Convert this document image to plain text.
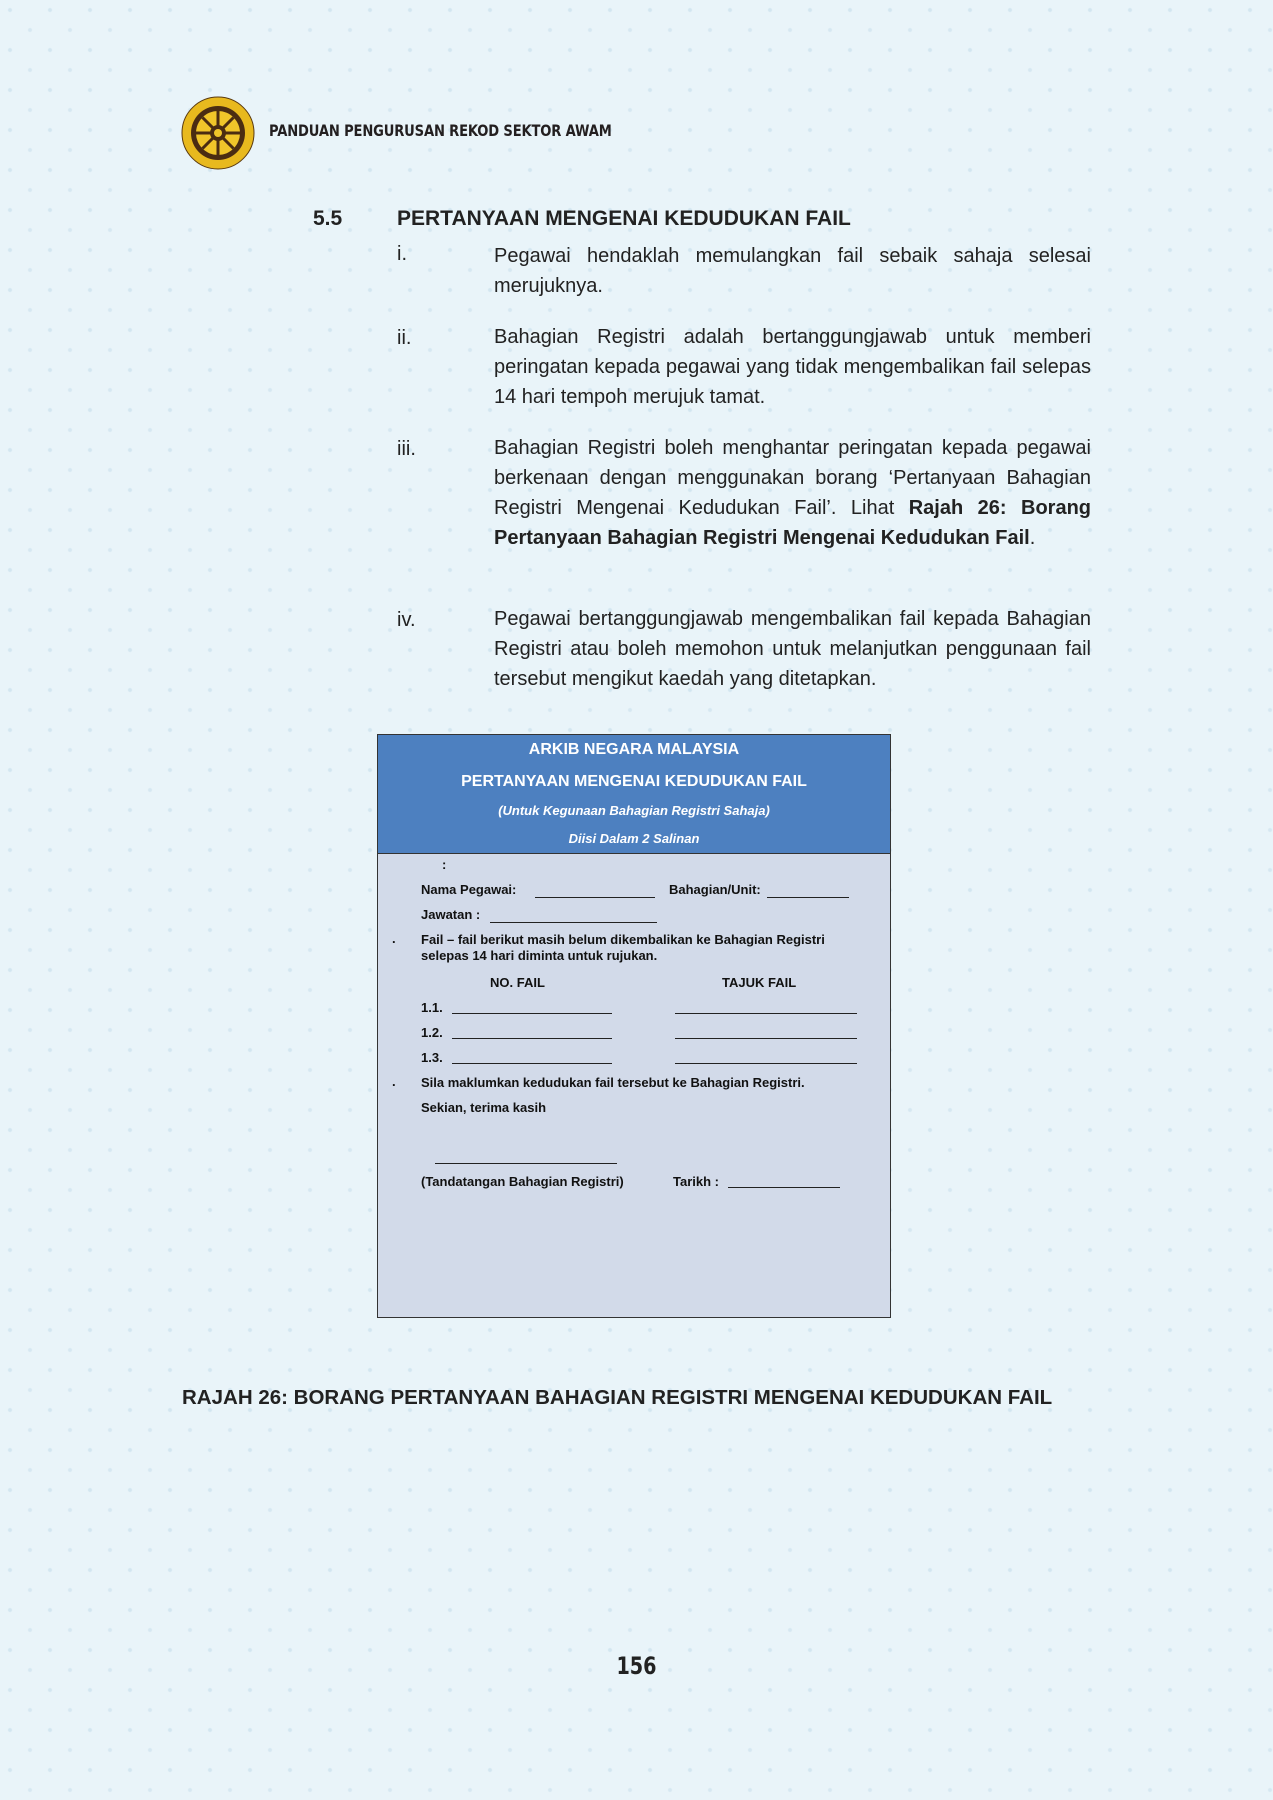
PANDUAN PENGURUSAN REKOD SEKTOR AWAM
5.5	PERTANYAAN MENGENAI KEDUDUKAN FAIL
i.	Pegawai hendaklah memulangkan fail sebaik sahaja selesai merujuknya.
ii.	Bahagian Registri adalah bertanggungjawab untuk memberi peringatan kepada pegawai yang tidak mengembalikan fail selepas 14 hari tempoh merujuk tamat.
iii.	Bahagian Registri boleh menghantar peringatan kepada pegawai berkenaan dengan menggunakan borang ‘Pertanyaan Bahagian Registri Mengenai Kedudukan Fail’. Lihat Rajah 26: Borang Pertanyaan Bahagian Registri Mengenai Kedudukan Fail.
iv.	Pegawai bertanggungjawab mengembalikan fail kepada Bahagian Registri atau boleh memohon untuk melanjutkan penggunaan fail tersebut mengikut kaedah yang ditetapkan.
ARKIB NEGARA MALAYSIA
PERTANYAAN MENGENAI KEDUDUKAN FAIL
(Untuk Kegunaan Bahagian Registri Sahaja)
Diisi Dalam 2 Salinan
:
Nama Pegawai:	Bahagian/Unit:
Jawatan :
. Fail – fail berikut masih belum dikembalikan ke Bahagian Registri
selepas 14 hari diminta untuk rujukan.
NO. FAIL	TAJUK FAIL
1.1.
1.2.
1.3.
. Sila maklumkan kedudukan fail tersebut ke Bahagian Registri.
Sekian, terima kasih
(Tandatangan Bahagian Registri)	Tarikh :
RAJAH 26: BORANG PERTANYAAN BAHAGIAN REGISTRI MENGENAI KEDUDUKAN FAIL
156
